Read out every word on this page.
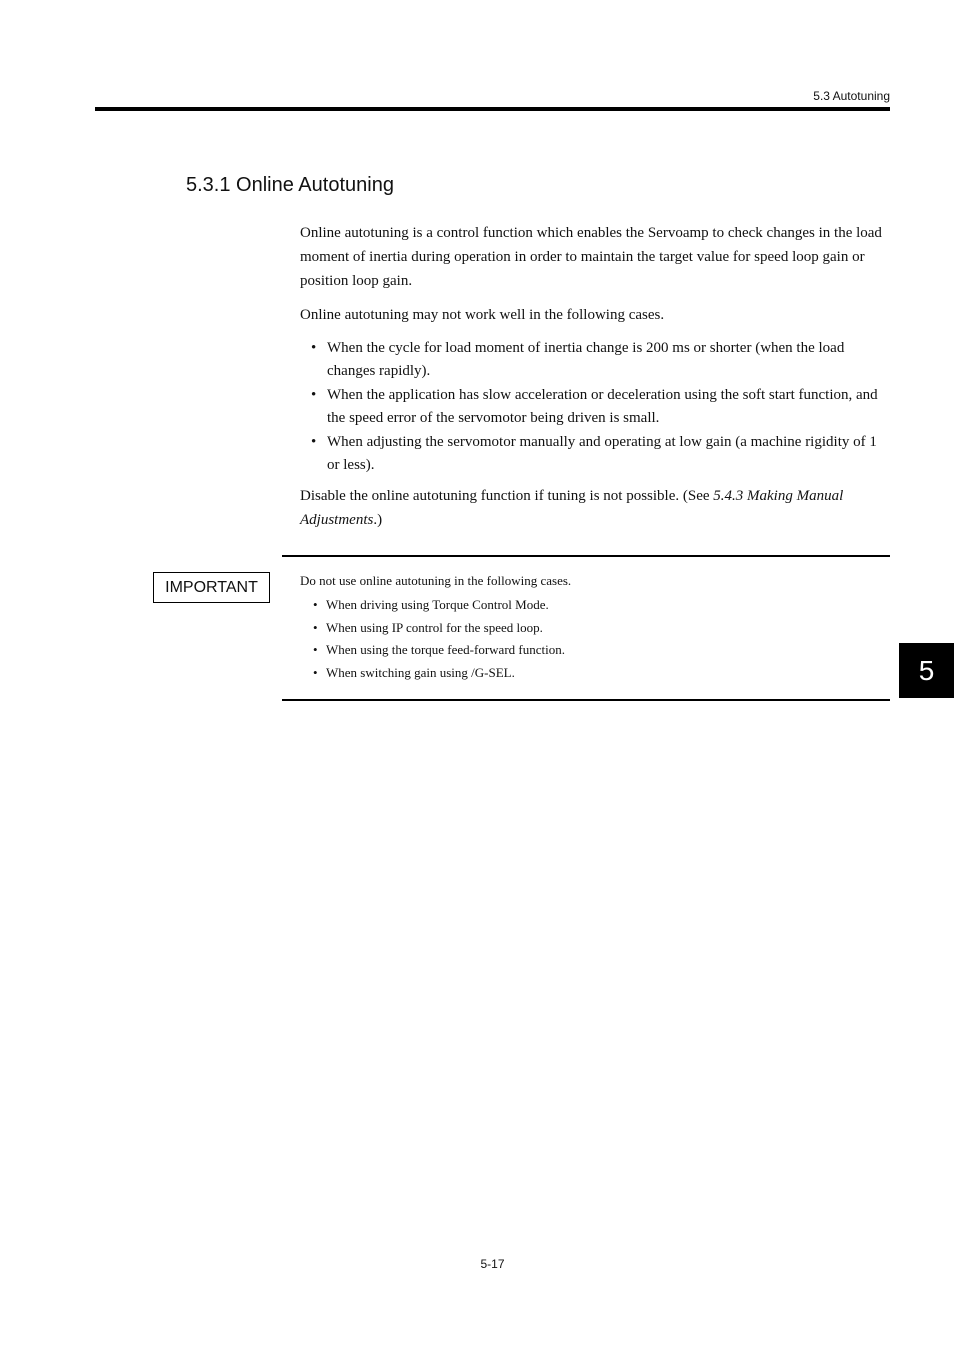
5.3 Autotuning
5.3.1 Online Autotuning

Online autotuning is a control function which enables the Servoamp to check changes in the load moment of inertia during operation in order to maintain the target value for speed loop gain or position loop gain.

Online autotuning may not work well in the following cases.

• When the cycle for load moment of inertia change is 200 ms or shorter (when the load changes rapidly).
• When the application has slow acceleration or deceleration using the soft start function, and the speed error of the servomotor being driven is small.
• When adjusting the servomotor manually and operating at low gain (a machine rigidity of 1 or less).

Disable the online autotuning function if tuning is not possible. (See 5.4.3 Making Manual Adjustments.)

IMPORTANT	Do not use online autotuning in the following cases.

• When driving using Torque Control Mode.
• When using IP control for the speed loop.
• When using the torque feed-forward function.
• When switching gain using /G-SEL.	5
5-17
